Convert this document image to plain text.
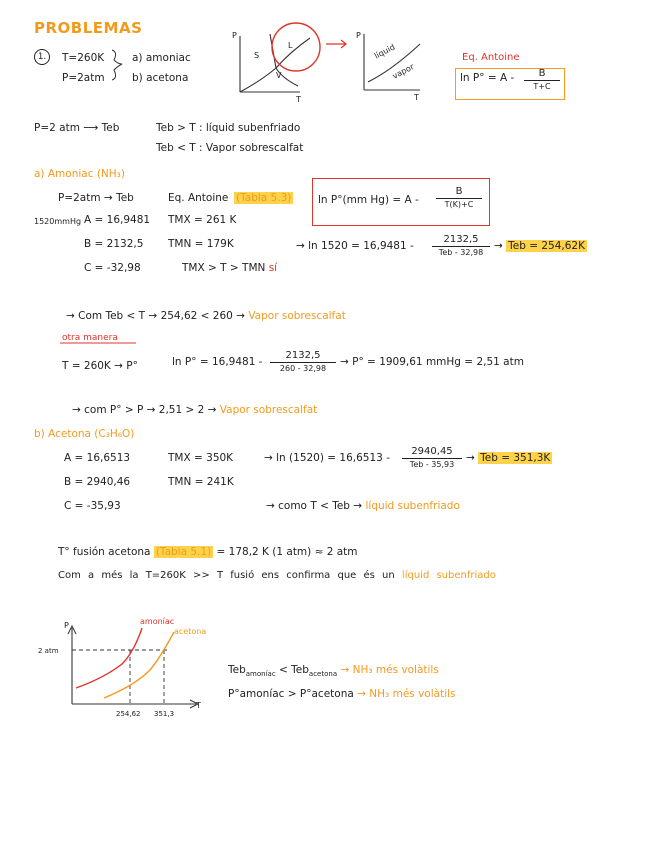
PROBLEMAS
1.	T=260K
P=2atm
a) amoniac
b) acetona
P
T
S
L
V
P
T
líquid
vapor
Eq. Antoine
ln P° = A -	B
T+C
P=2 atm ⟶ Teb	Teb > T : líquid subenfriado
Teb < T : Vapor sobrescalfat
a) Amoniac (NH₃)
P=2atm → Teb	Eq. Antoine (Tabla 5.3)	ln P°(mm Hg) = A -
B
T(K)+C
1520mmHg A = 16,9481
B = 2132,5
C = -32,98
TMX = 261 K
TMN = 179K
TMX > T > TMN sí
→ ln 1520 = 16,9481 -
2132,5
Teb - 32,98
→ Teb = 254,62K
→ Com Teb < T → 254,62 < 260 → Vapor sobrescalfat
otra manera
T = 260K → P°	ln P° = 16,9481 -
2132,5
260 - 32,98
→ P° = 1909,61 mmHg = 2,51 atm
→ com P° > P → 2,51 > 2 → Vapor sobrescalfat
b) Acetona (C₃H₆O)
A = 16,6513
B = 2940,46
C = -35,93
TMX = 350K
TMN = 241K
→ ln (1520) = 16,6513 -
2940,45
Teb - 35,93
→ Teb = 351,3K
→ como T < Teb → líquid subenfriado
T° fusión acetona (Tabla 5.1) = 178,2 K (1 atm) ≈ 2 atm
Com a més la T=260K >> T fusió ens confirma que és un líquid subenfriado
P
T
2 atm
amoníac
acetona
254,62 351,3
Teb$_{amoníac}$ < Teb$_{acetona}$ → NH₃ més volàtils
P°amoníac > P°acetona → NH₃ més volàtils
